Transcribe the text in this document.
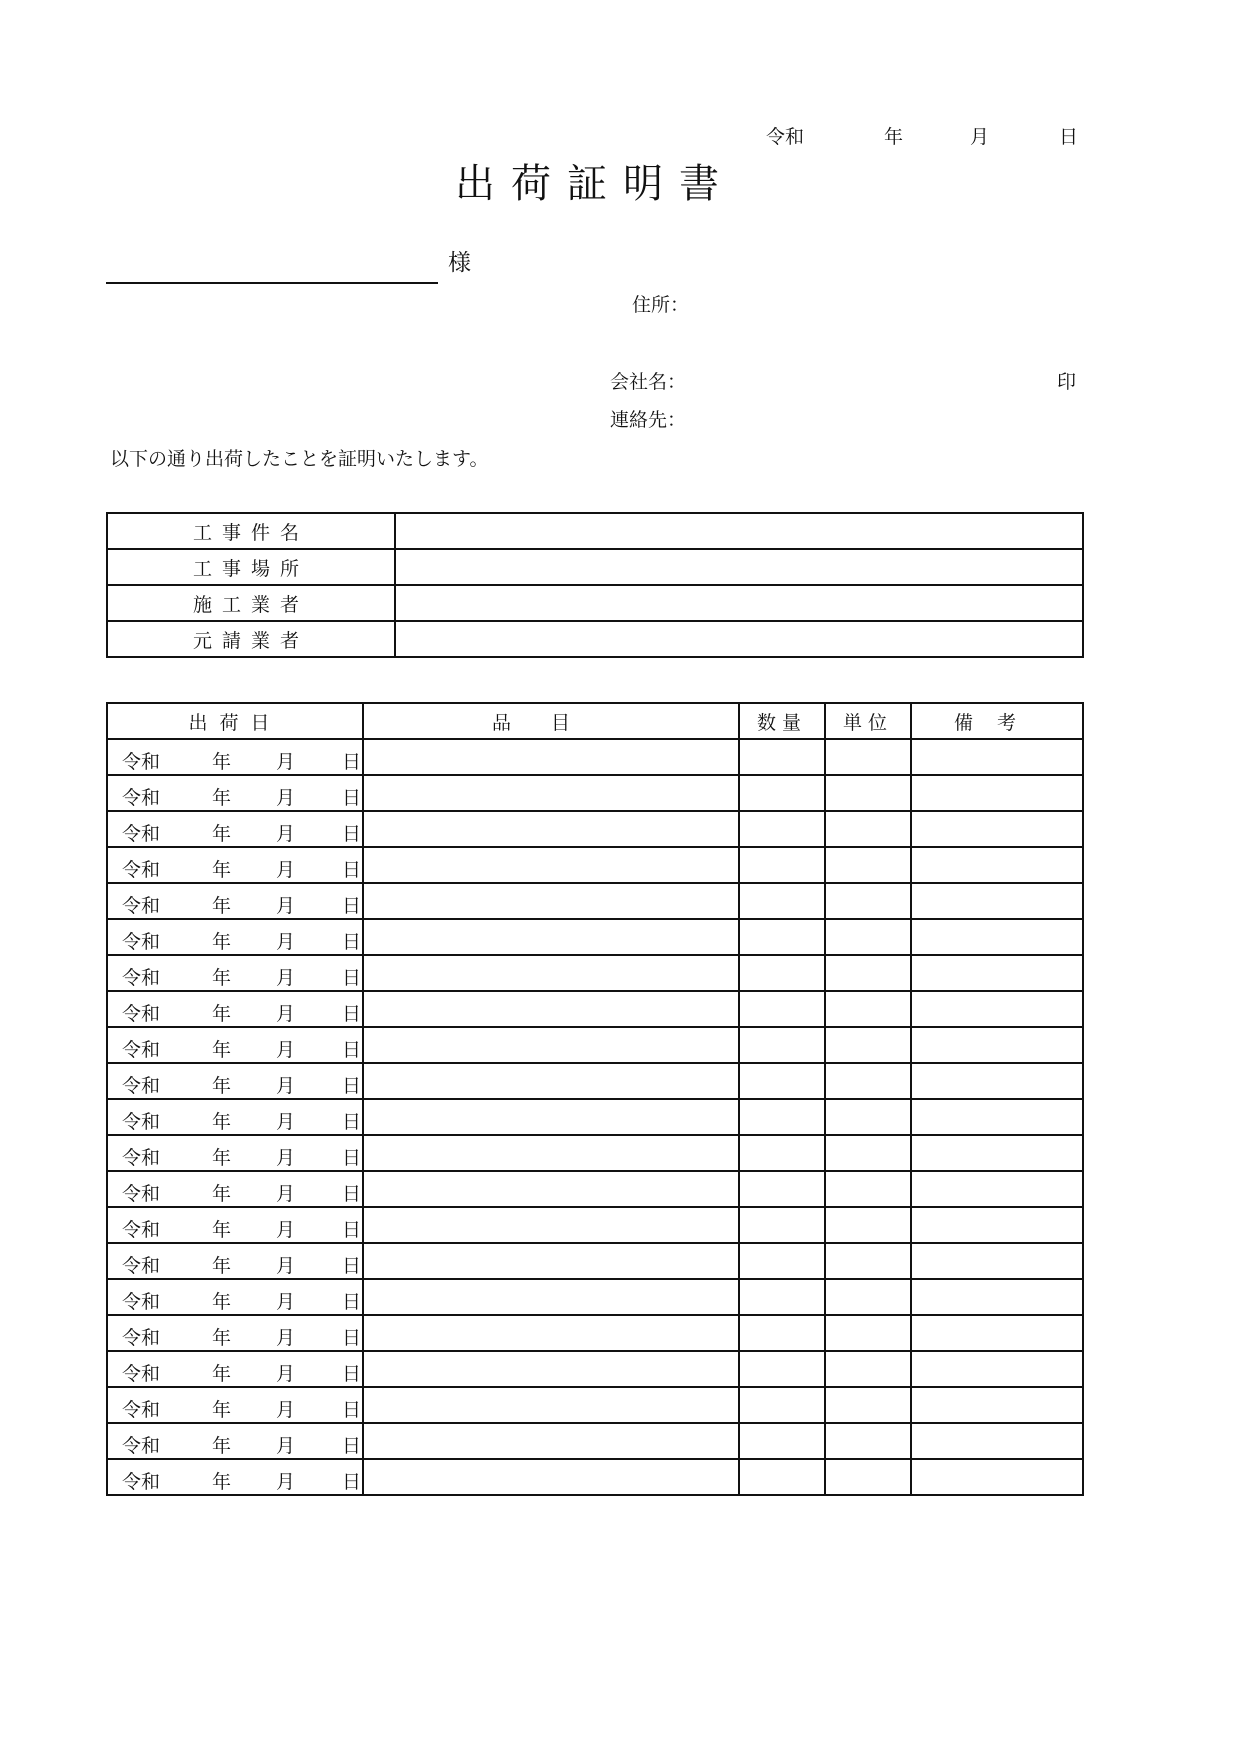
令和	年	月	日
出荷証明書
様
住所：
会社名：	印
連絡先：
以下の通り出荷したことを証明いたします。
工事件名	
工事場所	
施工業者	
元請業者	
出荷日	品目	数量	単位	備考

令和 年 月 日				

令和 年 月 日				

令和 年 月 日				

令和 年 月 日				

令和 年 月 日				

令和 年 月 日				

令和 年 月 日				

令和 年 月 日				

令和 年 月 日				

令和 年 月 日				

令和 年 月 日				

令和 年 月 日				

令和 年 月 日				

令和 年 月 日				

令和 年 月 日				

令和 年 月 日				

令和 年 月 日				

令和 年 月 日				

令和 年 月 日				

令和 年 月 日				

令和 年 月 日				
